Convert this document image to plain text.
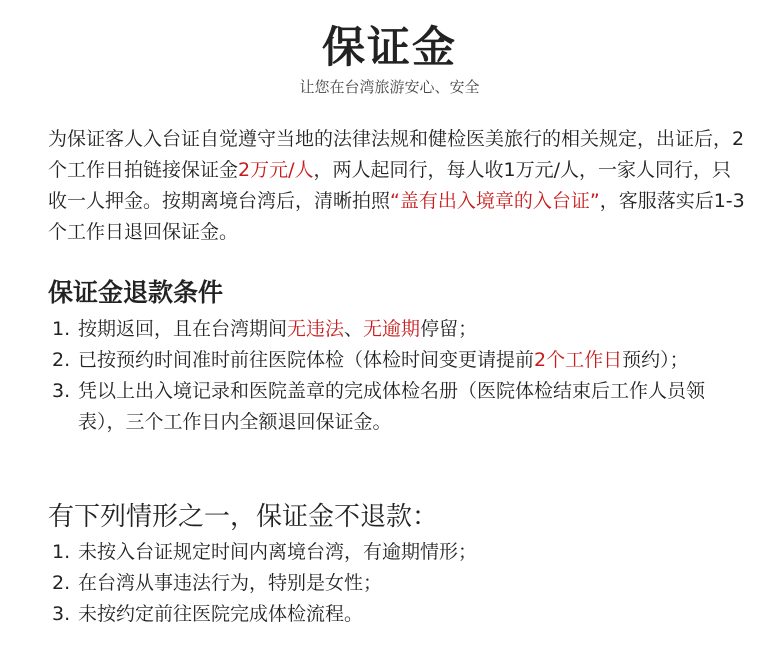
保证金
让您在台湾旅游安心、安全
为保证客人入台证自觉遵守当地的法律法规和健检医美旅行的相关规定，出证后，2个工作日拍链接保证金2万元/人，两人起同行，每人收1万元/人，一家人同行，只收一人押金。按期离境台湾后，清晰拍照“盖有出入境章的入台证”，客服落实后1-3个工作日退回保证金。
保证金退款条件
1. 按期返回，且在台湾期间无违法、无逾期停留；
2. 已按预约时间准时前往医院体检（体检时间变更请提前2个工作日预约）；
3. 凭以上出入境记录和医院盖章的完成体检名册（医院体检结束后工作人员领表），三个工作日内全额退回保证金。
有下列情形之一，保证金不退款：
1. 未按入台证规定时间内离境台湾，有逾期情形；
2. 在台湾从事违法行为，特别是女性；
3. 未按约定前往医院完成体检流程。
